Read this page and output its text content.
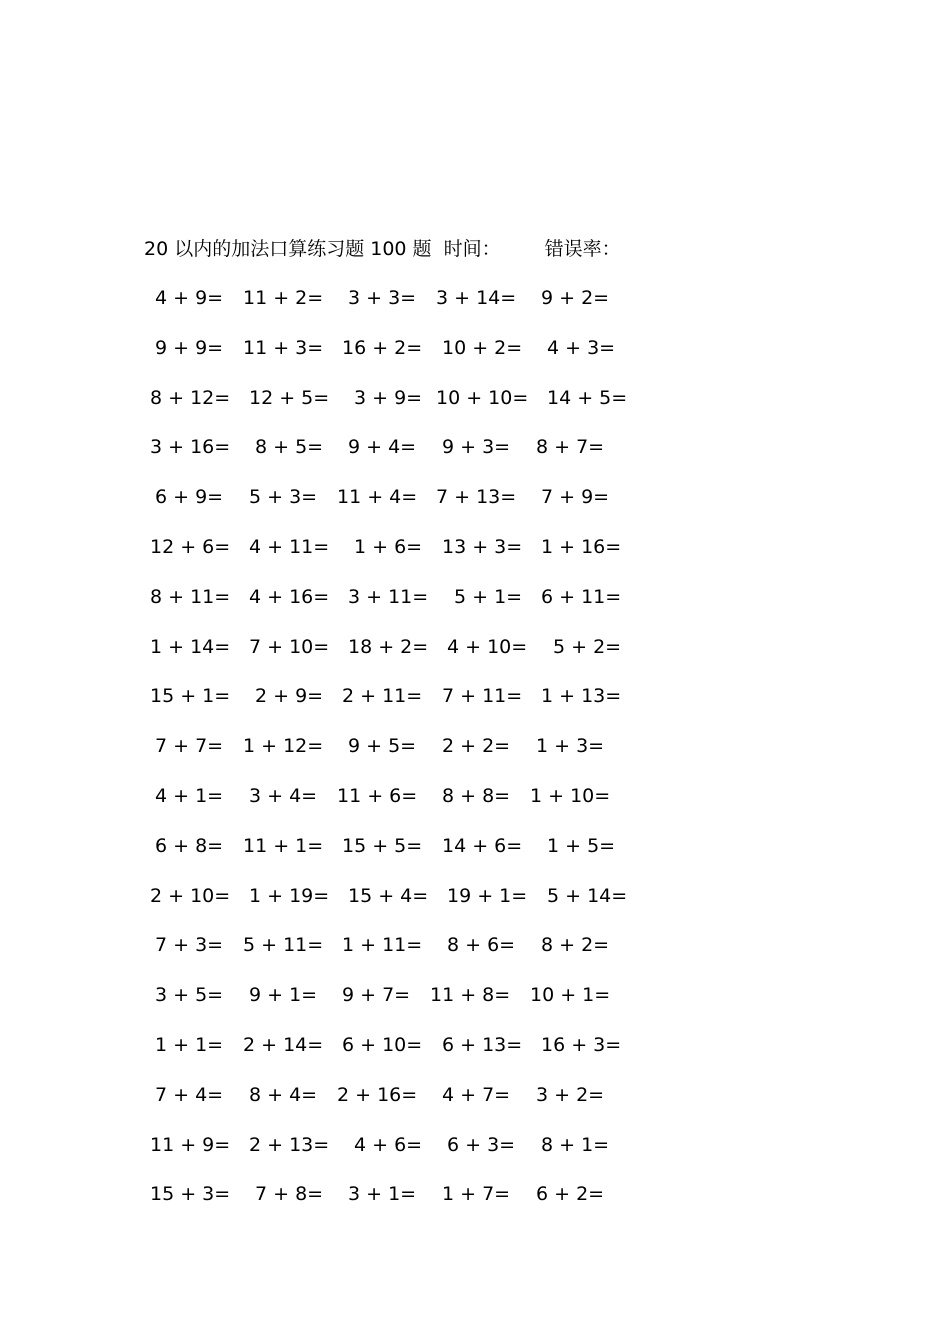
20 以内的加法口算练习题 100 题 时间： 错误率：
4 + 9= 11 + 2= 3 + 3= 3 + 14= 9 + 2=
9 + 9= 11 + 3= 16 + 2= 10 + 2= 4 + 3=
8 + 12= 12 + 5= 3 + 9= 10 + 10= 14 + 5=
3 + 16= 8 + 5= 9 + 4= 9 + 3= 8 + 7=
6 + 9= 5 + 3= 11 + 4= 7 + 13= 7 + 9=
12 + 6= 4 + 11= 1 + 6= 13 + 3= 1 + 16=
8 + 11= 4 + 16= 3 + 11= 5 + 1= 6 + 11=
1 + 14= 7 + 10= 18 + 2= 4 + 10= 5 + 2=
15 + 1= 2 + 9= 2 + 11= 7 + 11= 1 + 13=
7 + 7= 1 + 12= 9 + 5= 2 + 2= 1 + 3=
4 + 1= 3 + 4= 11 + 6= 8 + 8= 1 + 10=
6 + 8= 11 + 1= 15 + 5= 14 + 6= 1 + 5=
2 + 10= 1 + 19= 15 + 4= 19 + 1= 5 + 14=
7 + 3= 5 + 11= 1 + 11= 8 + 6= 8 + 2=
3 + 5= 9 + 1= 9 + 7= 11 + 8= 10 + 1=
1 + 1= 2 + 14= 6 + 10= 6 + 13= 16 + 3=
7 + 4= 8 + 4= 2 + 16= 4 + 7= 3 + 2=
11 + 9= 2 + 13= 4 + 6= 6 + 3= 8 + 1=
15 + 3= 7 + 8= 3 + 1= 1 + 7= 6 + 2=
